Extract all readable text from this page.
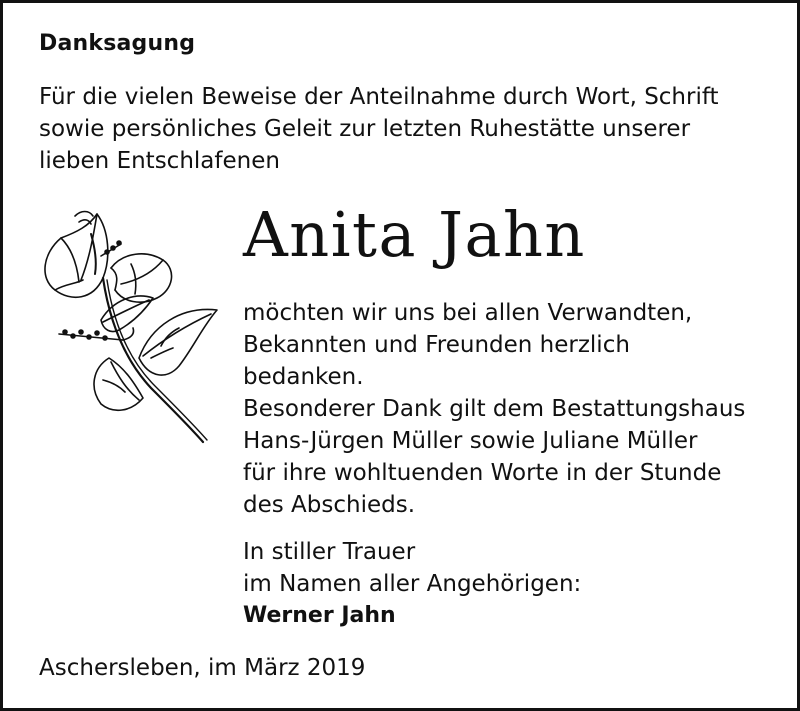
Danksagung
Für die vielen Beweise der Anteilnahme durch Wort, Schrift
sowie persönliches Geleit zur letzten Ruhestätte unserer
lieben Entschlafenen
Anita Jahn
möchten wir uns bei allen Verwandten,
Bekannten und Freunden herzlich
bedanken.
Besonderer Dank gilt dem Bestattungshaus
Hans-Jürgen Müller sowie Juliane Müller
für ihre wohltuenden Worte in der Stunde
des Abschieds.
In stiller Trauer
im Namen aller Angehörigen:
Werner Jahn
Aschersleben, im März 2019
